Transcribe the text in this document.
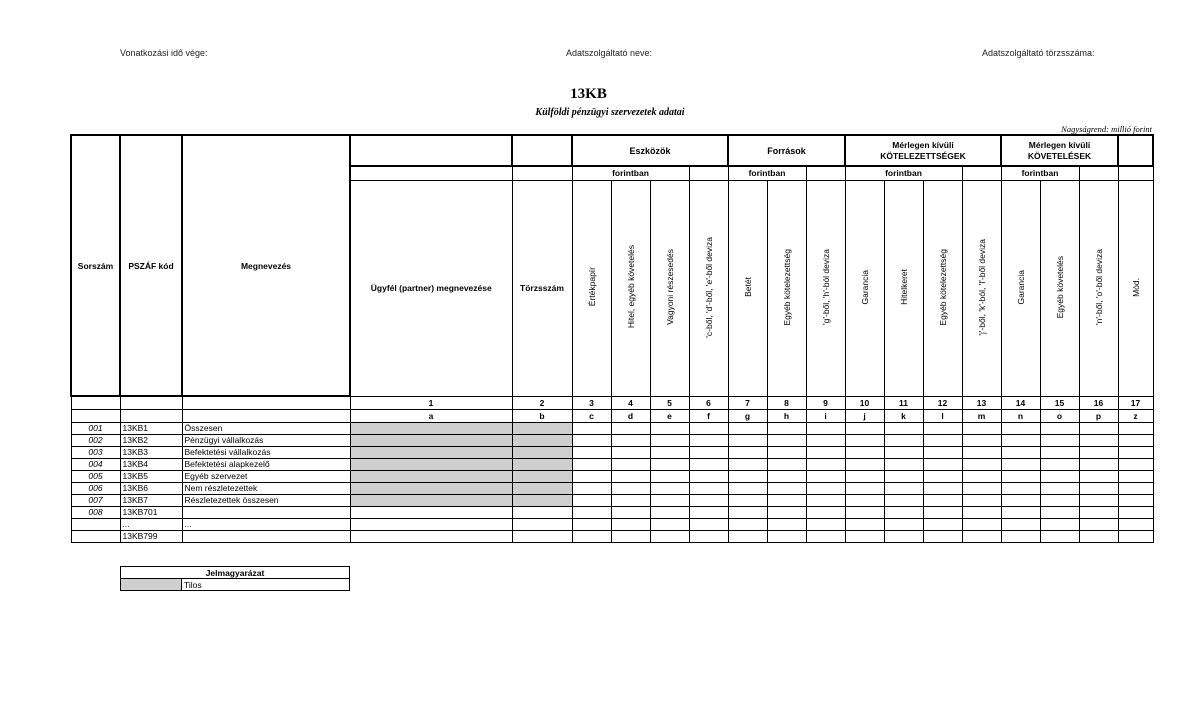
Vonatkozási idő vége:	Adatszolgáltató neve:	Adatszolgáltató törzsszáma:
13KB
Külföldi pénzügyi szervezetek adatai
Nagyságrend: millió forint
Sorszám	PSZÁF kód	Megnevezés			Eszközök				Források			Mérlegen kívüli KÖTELEZETTSÉGEK				Mérlegen kívüli KÖVETELÉSEK			
					forintban				forintban			forintban				forintban			
			Ügyfél (partner) megnevezése	Törzsszám	Értékpapír	Hitel, egyéb követelés	Vagyoni részesedés	'c-ből, 'd'-ből, 'e'-ből deviza	Betét	Egyéb kötelezettség	'g'-ből, 'h'-ból deviza	Garancia	Hitelkeret	Egyéb kötelezettség	'j'-ből, 'k'-ból, 'l'-ből deviza	Garancia	Egyéb követelés	'n'-ből, 'o'-ből deviza	Mód.
			1	2	3	4	5	6	7	8	9	10	11	12	13	14	15	16	17
			a	b	c	d	e	f	g	h	i	j	k	l	m	n	o	p	z
001	13KB1	Összesen																	
002	13KB2	Pénzügyi vállalkozás																	
003	13KB3	Befektetési vállalkozás																	
004	13KB4	Befektetési alapkezelő																	
005	13KB5	Egyéb szervezet																	
006	13KB6	Nem részletezettek																	
007	13KB7	Részletezettek összesen																	
008	13KB701																		
	...	...																	
	13KB799																		
Jelmagyarázat
	Tilos
